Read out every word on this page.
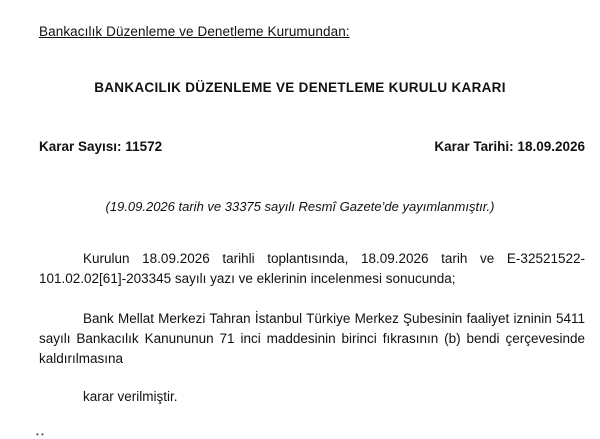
Bankacılık Düzenleme ve Denetleme Kurumundan:
BANKACILIK DÜZENLEME VE DENETLEME KURULU KARARI
Karar Sayısı: 11572	Karar Tarihi: 18.09.2026
(19.09.2026 tarih ve 33375 sayılı Resmî Gazete’de yayımlanmıştır.)
Kurulun 18.09.2026 tarihli toplantısında, 18.09.2026 tarih ve E-32521522-101.02.02[61]-203345 sayılı yazı ve eklerinin incelenmesi sonucunda;
Bank Mellat Merkezi Tahran İstanbul Türkiye Merkez Şubesinin faaliyet izninin 5411 sayılı Bankacılık Kanununun 71 inci maddesinin birinci fıkrasının (b) bendi çerçevesinde kaldırılmasına
karar verilmiştir.
• •
